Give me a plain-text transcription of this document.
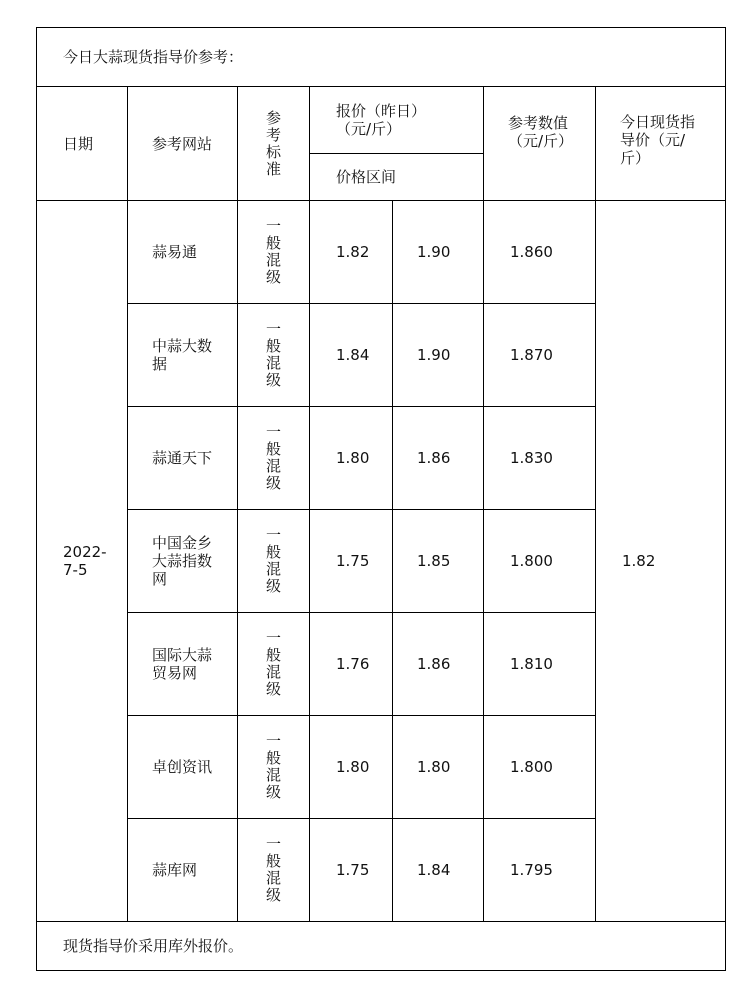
今日大蒜现货指导价参考：						
日期	参考网站	参考标准	报价（昨日）（元/斤）		参考数值（元/斤）	今日现货指导价（元/斤）

			价格区间			

2022-7-5	蒜易通	一般混级	1.82	1.90	1.860	1.82

	中蒜大数据	一般混级	1.84	1.90	1.870	

	蒜通天下	一般混级	1.80	1.86	1.830	

	中国金乡大蒜指数网	一般混级	1.75	1.85	1.800	

	国际大蒜贸易网	一般混级	1.76	1.86	1.810	

	卓创资讯	一般混级	1.80	1.80	1.800	

	蒜库网	一般混级	1.75	1.84	1.795	
现货指导价采用库外报价。						
